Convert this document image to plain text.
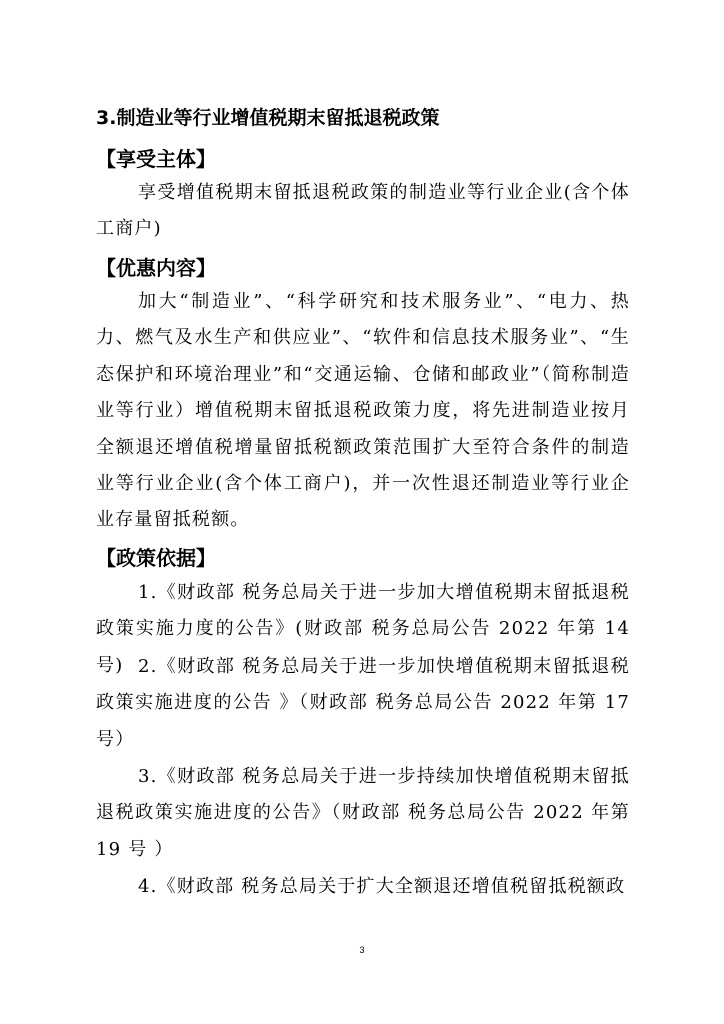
3.制造业等行业增值税期末留抵退税政策
【享受主体】
享受增值税期末留抵退税政策的制造业等行业企业(含个体工商户)
【优惠内容】
加大“制造业”、“科学研究和技术服务业”、“电力、热力、燃气及水生产和供应业”、“软件和信息技术服务业”、“生态保护和环境治理业”和“交通运输、仓储和邮政业”（简称制造业等行业）增值税期末留抵退税政策力度，将先进制造业按月全额退还增值税增量留抵税额政策范围扩大至符合条件的制造业等行业企业(含个体工商户)，并一次性退还制造业等行业企业存量留抵税额。
【政策依据】
1.《财政部 税务总局关于进一步加大增值税期末留抵退税政策实施力度的公告》(财政部 税务总局公告 2022 年第 14 号) 2.《财政部 税务总局关于进一步加快增值税期末留抵退税政策实施进度的公告 》（财政部 税务总局公告 2022 年第 17 号）
3.《财政部 税务总局关于进一步持续加快增值税期末留抵退税政策实施进度的公告》（财政部 税务总局公告 2022 年第 19 号 ）
4.《财政部 税务总局关于扩大全额退还增值税留抵税额政
3
